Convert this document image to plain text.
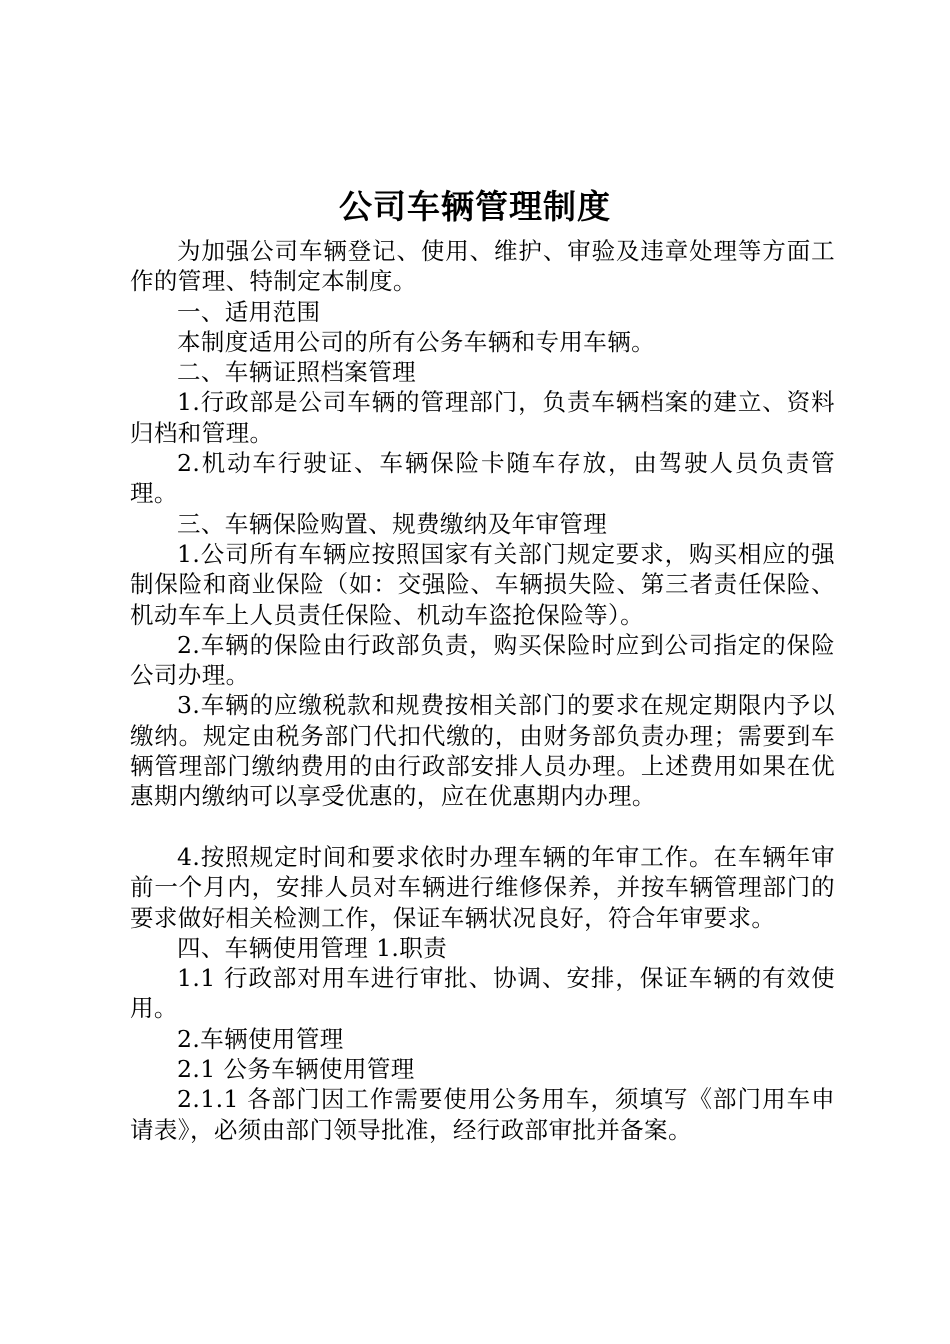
公司车辆管理制度

为加强公司车辆登记、使用、维护、审验及违章处理等方面工作的管理、特制定本制度。

一、适用范围

本制度适用公司的所有公务车辆和专用车辆。

二、车辆证照档案管理

1.行政部是公司车辆的管理部门，负责车辆档案的建立、资料归档和管理。

2.机动车行驶证、车辆保险卡随车存放，由驾驶人员负责管理。

三、车辆保险购置、规费缴纳及年审管理

1.公司所有车辆应按照国家有关部门规定要求，购买相应的强制保险和商业保险（如：交强险、车辆损失险、第三者责任保险、机动车车上人员责任保险、机动车盗抢保险等）。

2.车辆的保险由行政部负责，购买保险时应到公司指定的保险公司办理。

3.车辆的应缴税款和规费按相关部门的要求在规定期限内予以缴纳。规定由税务部门代扣代缴的，由财务部负责办理；需要到车辆管理部门缴纳费用的由行政部安排人员办理。上述费用如果在优惠期内缴纳可以享受优惠的，应在优惠期内办理。

4.按照规定时间和要求依时办理车辆的年审工作。在车辆年审前一个月内，安排人员对车辆进行维修保养，并按车辆管理部门的要求做好相关检测工作，保证车辆状况良好，符合年审要求。

四、车辆使用管理 1.职责

1.1 行政部对用车进行审批、协调、安排，保证车辆的有效使用。

2.车辆使用管理

2.1 公务车辆使用管理

2.1.1 各部门因工作需要使用公务用车，须填写《部门用车申请表》，必须由部门领导批准，经行政部审批并备案。
